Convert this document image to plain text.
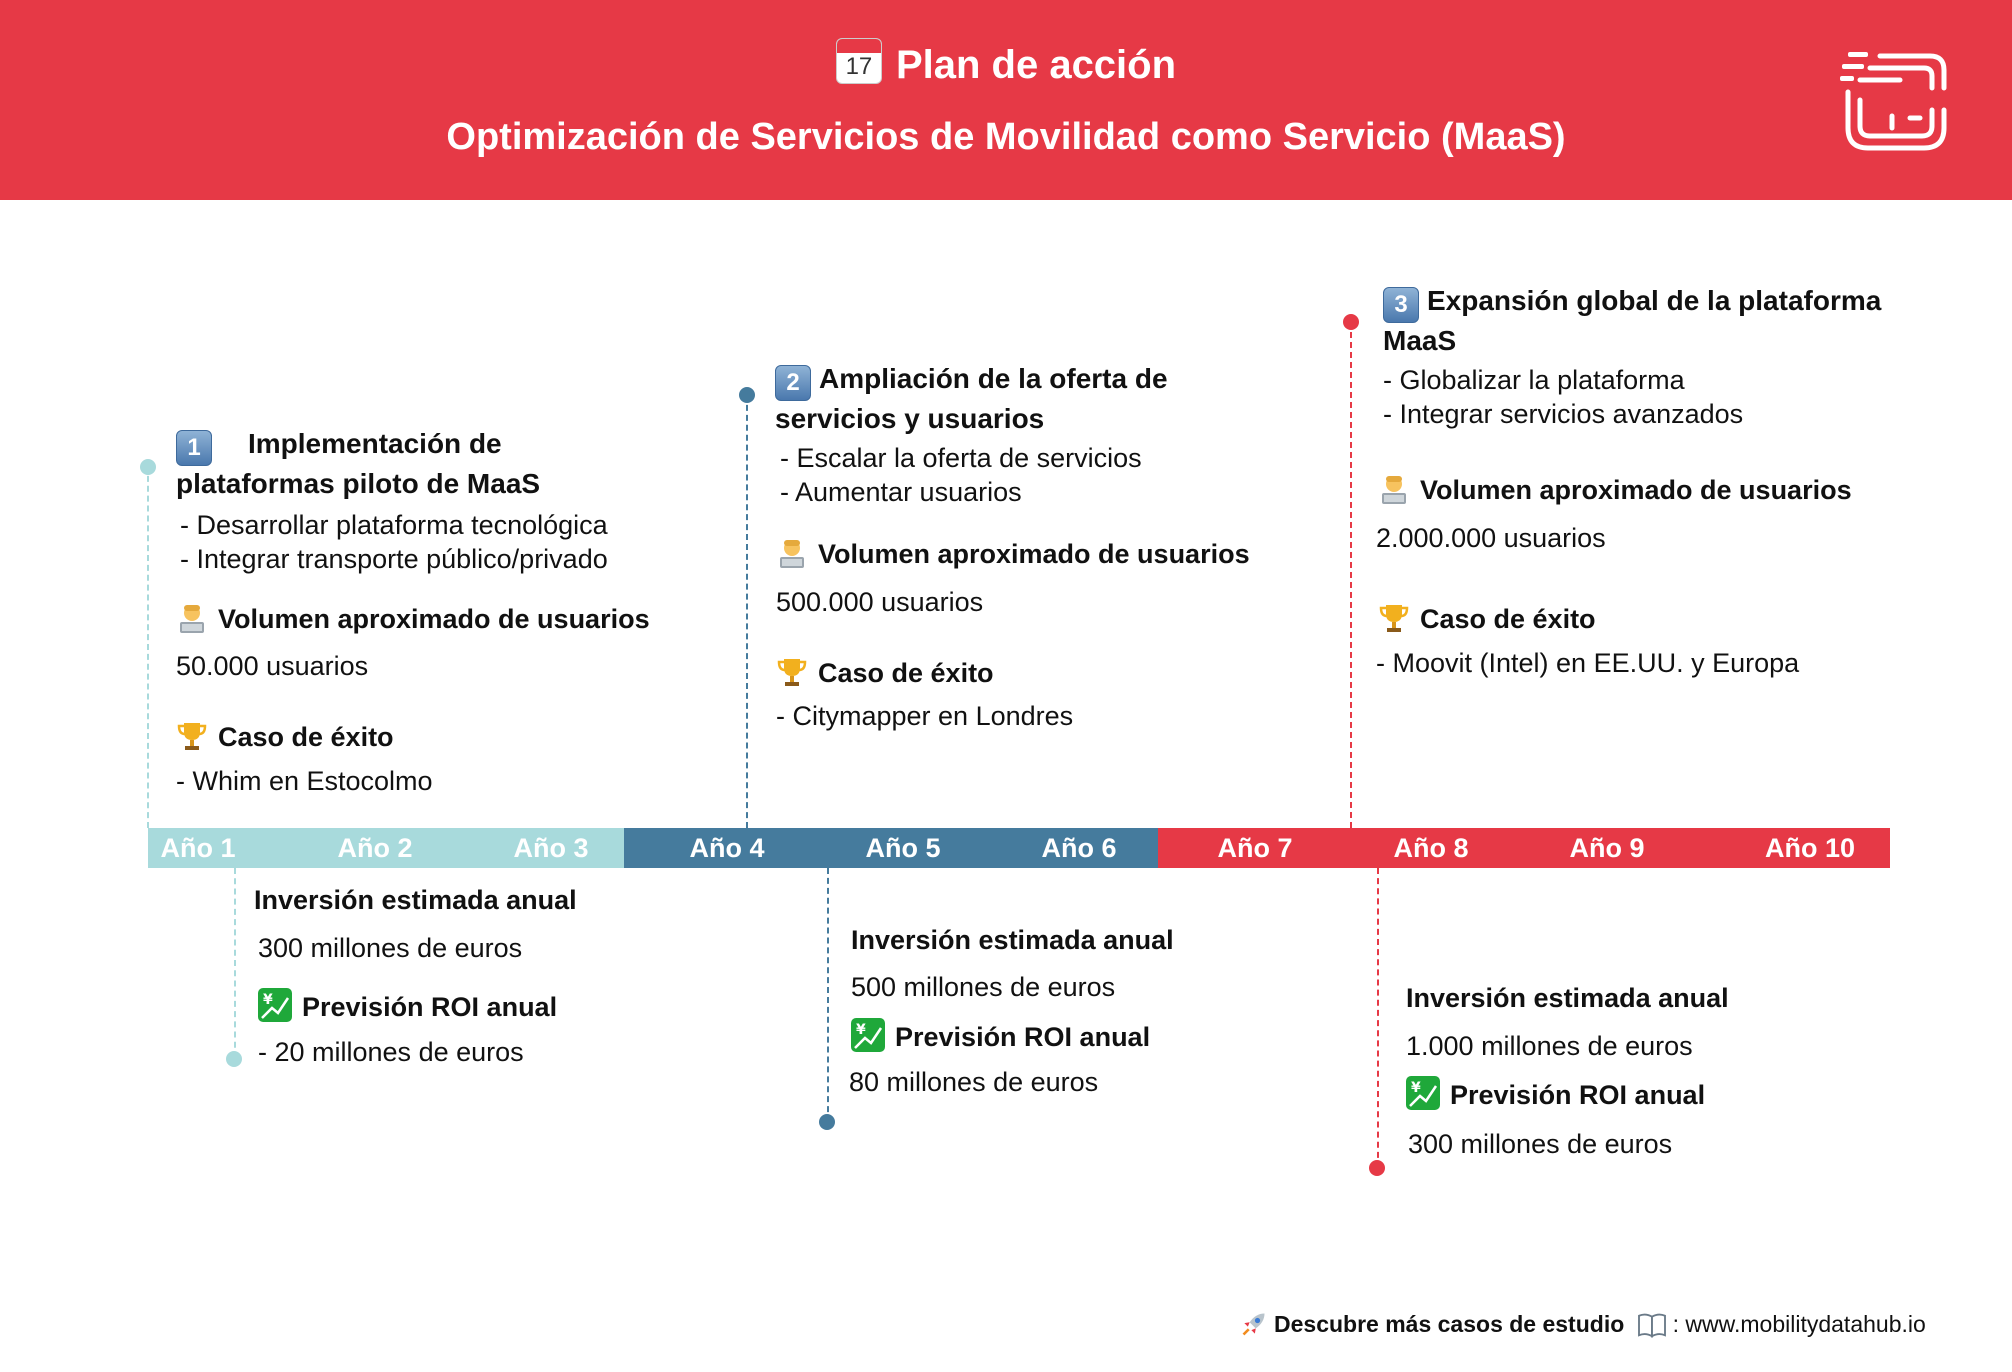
17 Plan de acción
Optimización de Servicios de Movilidad como Servicio (MaaS)
Año 1	Año 2	Año 3	Año 4	Año 5	Año 6	Año 7	Año 8	Año 9	Año 10
1 Implementación de
plataformas piloto de MaaS
- Desarrollar plataforma tecnológica
- Integrar transporte público/privado
Volumen aproximado de usuarios
50.000 usuarios
Caso de éxito
- Whim en Estocolmo
Inversión estimada anual
300 millones de euros
¥ Previsión ROI anual
- 20 millones de euros
2 Ampliación de la oferta de
servicios y usuarios
- Escalar la oferta de servicios
- Aumentar usuarios
Volumen aproximado de usuarios
500.000 usuarios
Caso de éxito
- Citymapper en Londres
Inversión estimada anual
500 millones de euros
¥ Previsión ROI anual
80 millones de euros
3 Expansión global de la plataforma
MaaS
- Globalizar la plataforma
- Integrar servicios avanzados
Volumen aproximado de usuarios
2.000.000 usuarios
Caso de éxito
- Moovit (Intel) en EE.UU. y Europa
Inversión estimada anual
1.000 millones de euros
¥ Previsión ROI anual
300 millones de euros
Descubre más casos de estudio : www.mobilitydatahub.io
